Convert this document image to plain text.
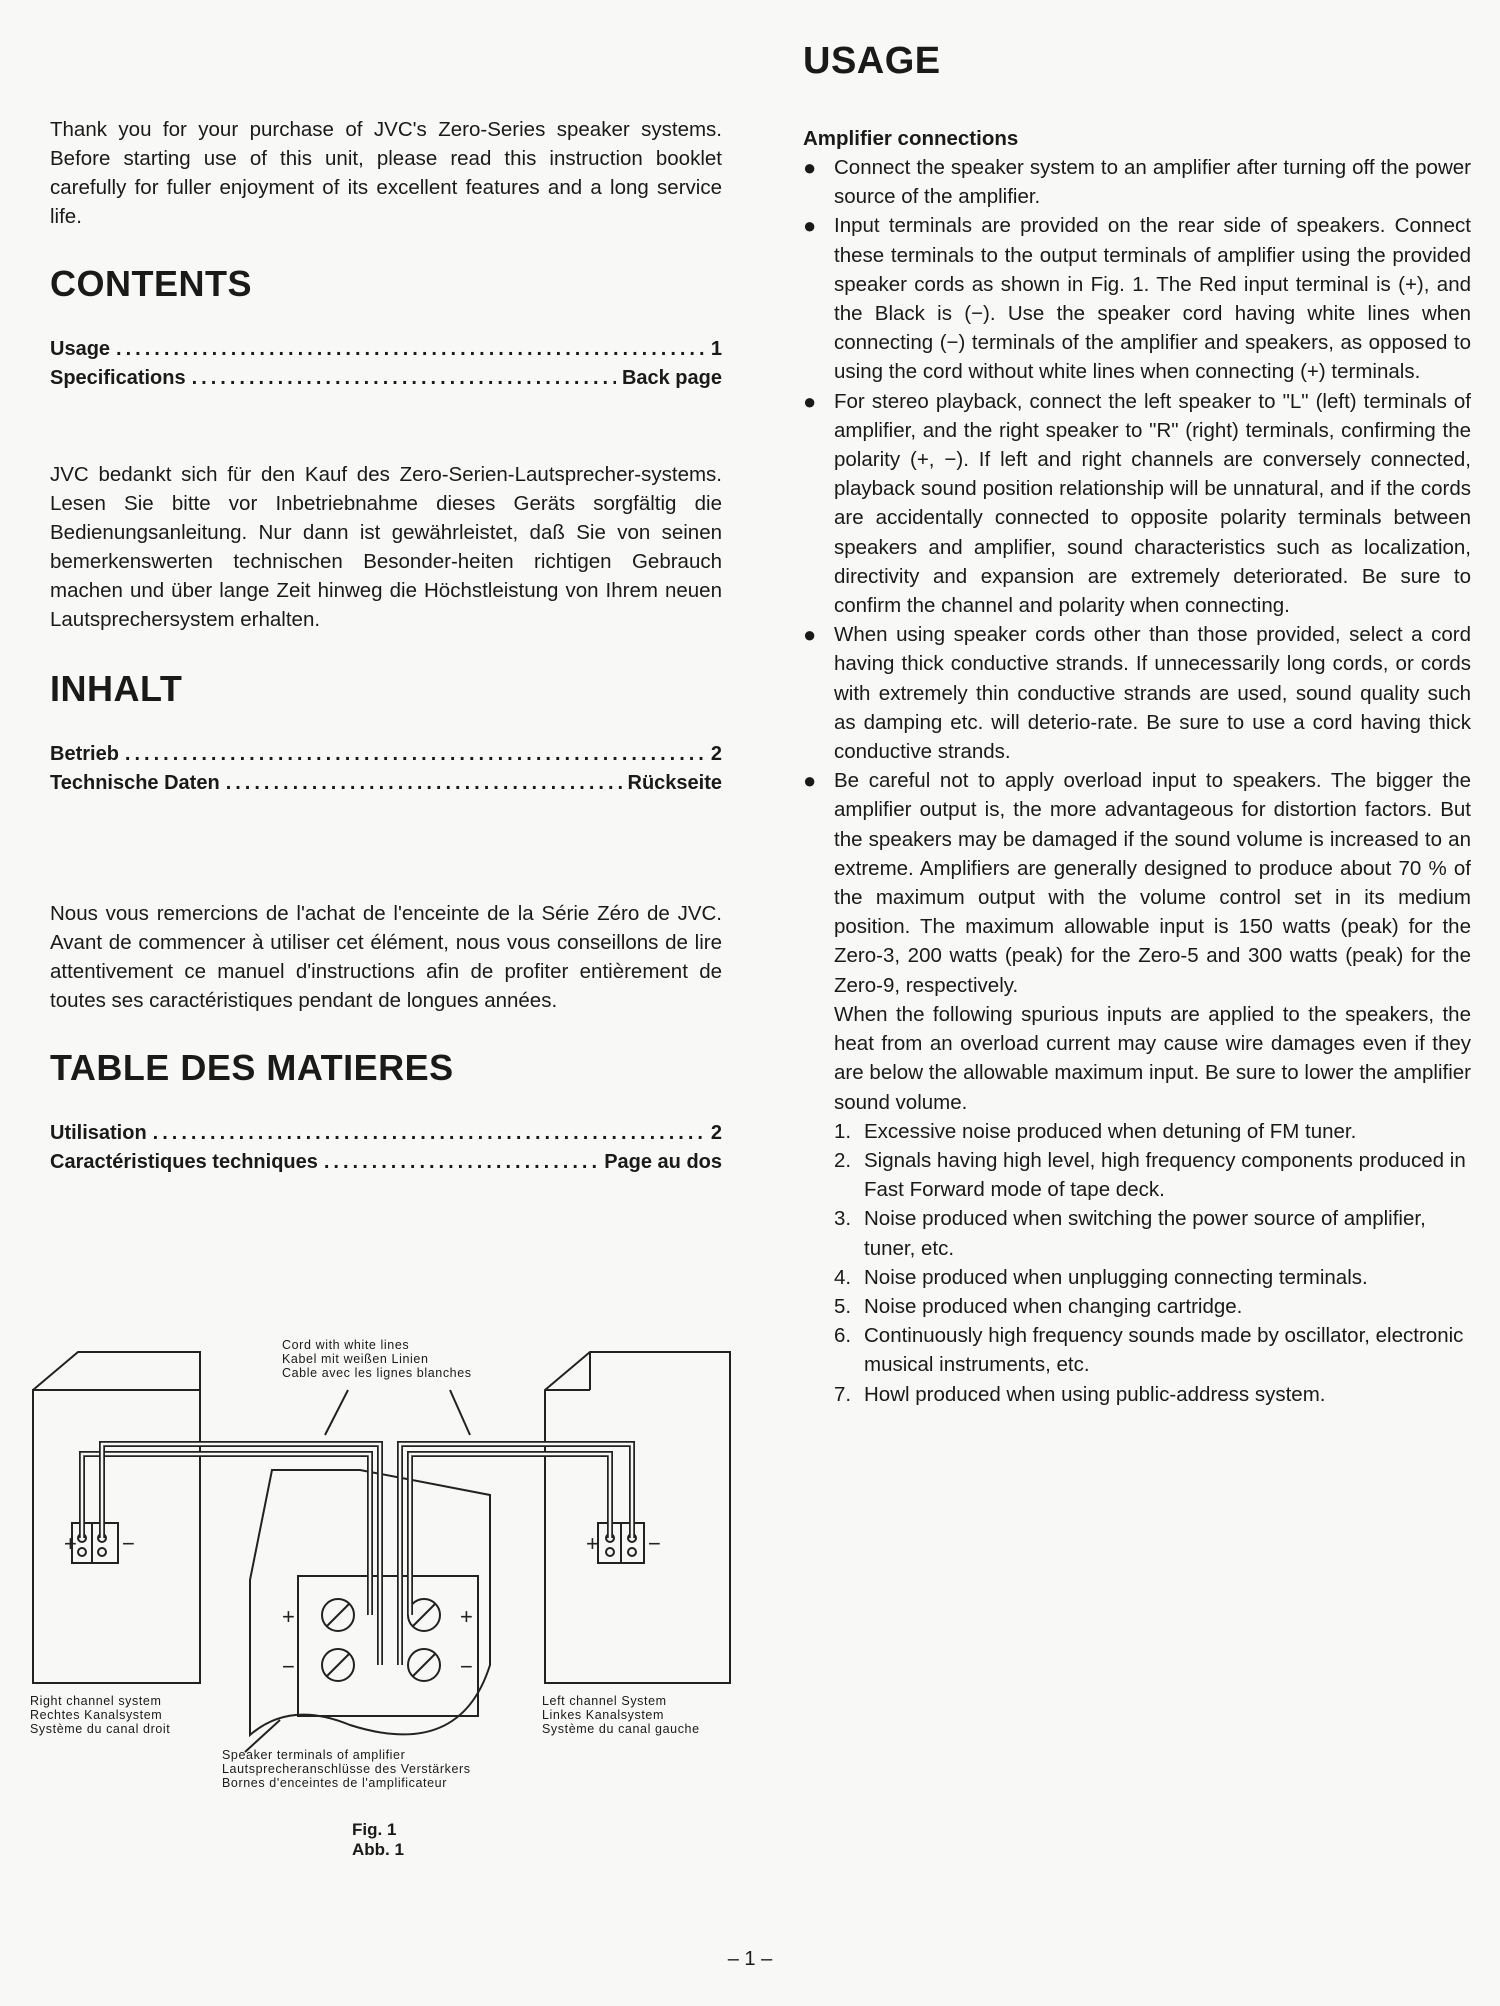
Thank you for your purchase of JVC's Zero-Series speaker systems. Before starting use of this unit, please read this instruction booklet carefully for fuller enjoyment of its excellent features and a long service life.

CONTENTS
Usage .....	1
Specifications .....	Back page

JVC bedankt sich für den Kauf des Zero-Serien-Lautsprecher-systems. Lesen Sie bitte vor Inbetriebnahme dieses Geräts sorgfältig die Bedienungsanleitung. Nur dann ist gewährleistet, daß Sie von seinen bemerkenswerten technischen Besonder-heiten richtigen Gebrauch machen und über lange Zeit hinweg die Höchstleistung von Ihrem neuen Lautsprechersystem erhalten.

INHALT
Betrieb .....	2
Technische Daten .....	Rückseite

Nous vous remercions de l'achat de l'enceinte de la Série Zéro de JVC. Avant de commencer à utiliser cet élément, nous vous conseillons de lire attentivement ce manuel d'instructions afin de profiter entièrement de toutes ses caractéristiques pendant de longues années.

TABLE DES MATIERES
Utilisation .....	2
Caractéristiques techniques .....	Page au dos
USAGE
Amplifier connections
● Connect the speaker system to an amplifier after turning off the power source of the amplifier.
● Input terminals are provided on the rear side of speakers. Connect these terminals to the output terminals of amplifier using the provided speaker cords as shown in Fig. 1. The Red input terminal is (+), and the Black is (−). Use the speaker cord having white lines when connecting (−) terminals of the amplifier and speakers, as opposed to using the cord without white lines when connecting (+) terminals.
● For stereo playback, connect the left speaker to "L" (left) terminals of amplifier, and the right speaker to "R" (right) terminals, confirming the polarity (+, −). If left and right channels are conversely connected, playback sound position relationship will be unnatural, and if the cords are accidentally connected to opposite polarity terminals between speakers and amplifier, sound characteristics such as localization, directivity and expansion are extremely deteriorated. Be sure to confirm the channel and polarity when connecting.
● When using speaker cords other than those provided, select a cord having thick conductive strands. If unnecessarily long cords, or cords with extremely thin conductive strands are used, sound quality such as damping etc. will deterio-rate. Be sure to use a cord having thick conductive strands.
● Be careful not to apply overload input to speakers. The bigger the amplifier output is, the more advantageous for distortion factors. But the speakers may be damaged if the sound volume is increased to an extreme. Amplifiers are generally designed to produce about 70 % of the maximum output with the volume control set in its medium position. The maximum allowable input is 150 watts (peak) for the Zero-3, 200 watts (peak) for the Zero-5 and 300 watts (peak) for the Zero-9, respectively.

When the following spurious inputs are applied to the speakers, the heat from an overload current may cause wire damages even if they are below the allowable maximum input. Be sure to lower the amplifier sound volume.

1. Excessive noise produced when detuning of FM tuner.
2. Signals having high level, high frequency components produced in Fast Forward mode of tape deck.
3. Noise produced when switching the power source of amplifier, tuner, etc.
4. Noise produced when unplugging connecting terminals.
5. Noise produced when changing cartridge.
6. Continuously high frequency sounds made by oscillator, electronic musical instruments, etc.
7. Howl produced when using public-address system.
+ −	+ −
+
−
+
−
Cord with white lines
Kabel mit weißen Linien
Cable avec les lignes blanches
Right channel system
Rechtes Kanalsystem
Système du canal droit
Left channel System
Linkes Kanalsystem
Système du canal gauche
Speaker terminals of amplifier
Lautsprecheranschlüsse des Verstärkers
Bornes d'enceintes de l'amplificateur
Fig. 1
Abb. 1
– 1 –
